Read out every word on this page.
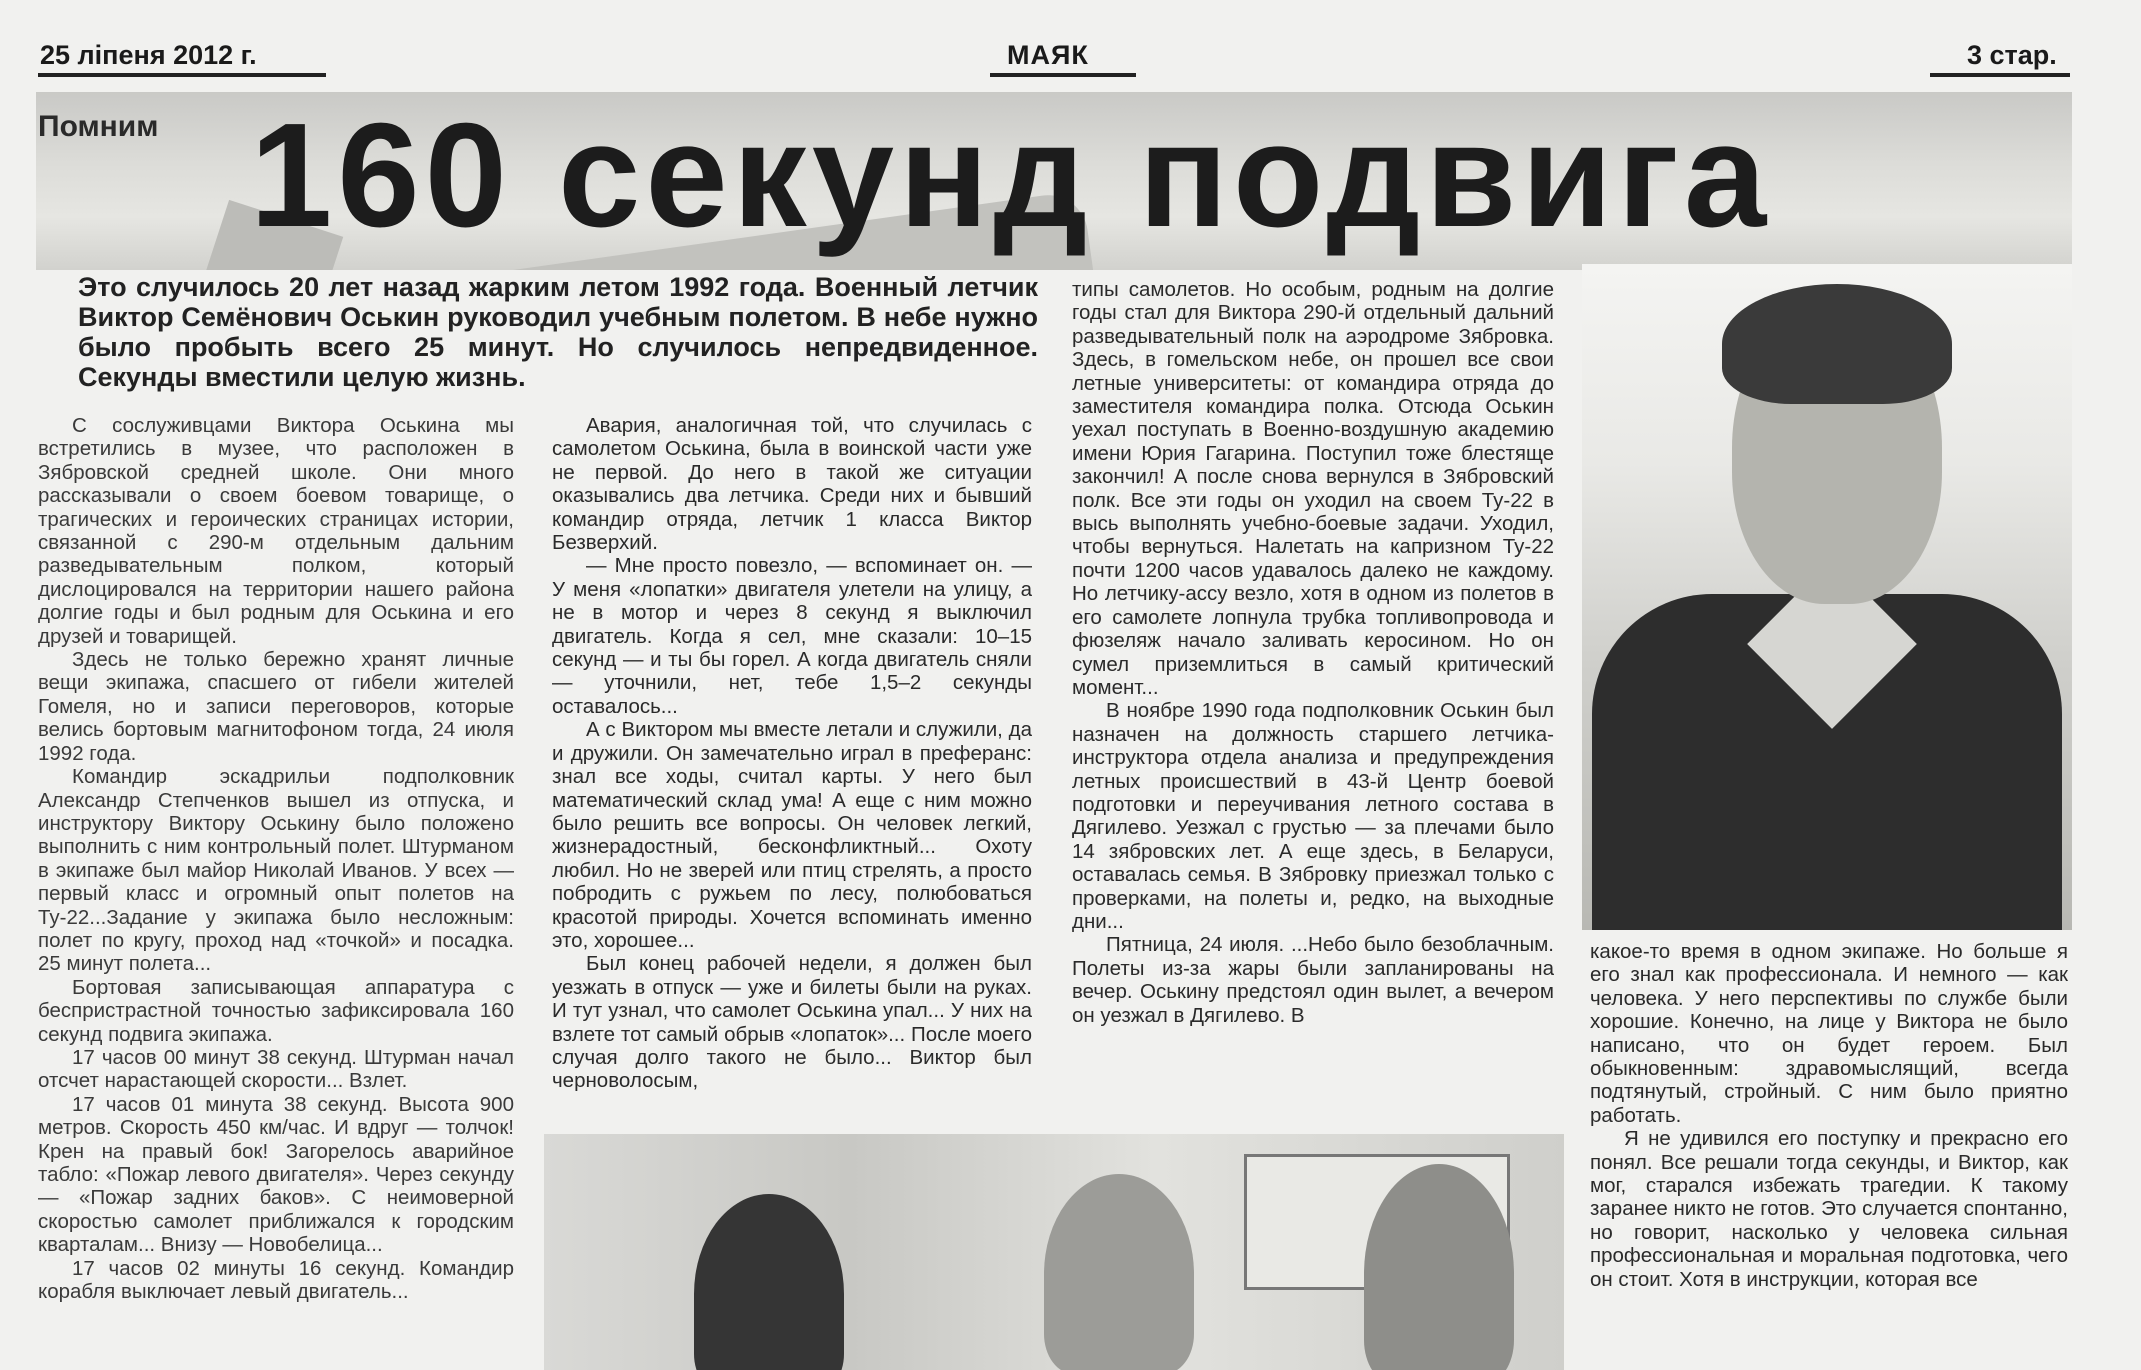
25 ліпеня 2012 г.	МАЯК	3 стар.
Помним 160 секунд подвига
Это случилось 20 лет назад жарким летом 1992 года. Военный летчик Виктор Семёнович Оськин руководил учебным полетом. В небе нужно было пробыть всего 25 минут. Но случилось непредвиденное. Секунды вместили целую жизнь.

С сослуживцами Виктора Оськина мы встретились в музее, что расположен в Зябровской средней школе. Они много рассказывали о своем боевом товарище, о трагических и героических страницах истории, связанной с 290-м отдельным дальним разведывательным полком, который дислоцировался на территории нашего района долгие годы и был родным для Оськина и его друзей и товарищей.

Здесь не только бережно хранят личные вещи экипажа, спасшего от гибели жителей Гомеля, но и записи переговоров, которые велись бортовым магнитофоном тогда, 24 июля 1992 года.

Командир эскадрильи подполковник Александр Степченков вышел из отпуска, и инструктору Виктору Оськину было положено выполнить с ним контрольный полет. Штурманом в экипаже был майор Николай Иванов. У всех — первый класс и огромный опыт полетов на Ту-22...Задание у экипажа было несложным: полет по кругу, проход над «точкой» и посадка. 25 минут полета...

Бортовая записывающая аппаратура с беспристрастной точностью зафиксировала 160 секунд подвига экипажа.

17 часов 00 минут 38 секунд. Штурман начал отсчет нарастающей скорости... Взлет.

17 часов 01 минута 38 секунд. Высота 900 метров. Скорость 450 км/час. И вдруг — толчок! Крен на правый бок! Загорелось аварийное табло: «Пожар левого двигателя». Через секунду — «Пожар задних баков». С неимоверной скоростью самолет приближался к городским кварталам... Внизу — Новобелица...

17 часов 02 минуты 16 секунд. Командир корабля выключает левый двигатель...

Авария, аналогичная той, что случилась с самолетом Оськина, была в воинской части уже не первой. До него в такой же ситуации оказывались два летчика. Среди них и бывший командир отряда, летчик 1 класса Виктор Безверхий.

— Мне просто повезло, — вспоминает он. — У меня «лопатки» двигателя улетели на улицу, а не в мотор и через 8 секунд я выключил двигатель. Когда я сел, мне сказали: 10–15 секунд — и ты бы горел. А когда двигатель сняли — уточнили, нет, тебе 1,5–2 секунды оставалось...

А с Виктором мы вместе летали и служили, да и дружили. Он замечательно играл в преферанс: знал все ходы, считал карты. У него был математический склад ума! А еще с ним можно было решить все вопросы. Он человек легкий, жизнерадостный, бесконфликтный... Охоту любил. Но не зверей или птиц стрелять, а просто побродить с ружьем по лесу, полюбоваться красотой природы. Хочется вспоминать именно это, хорошее...

Был конец рабочей недели, я должен был уезжать в отпуск — уже и билеты были на руках. И тут узнал, что самолет Оськина упал... У них на взлете тот самый обрыв «лопаток»... После моего случая долго такого не было... Виктор был черноволосым,

типы самолетов. Но особым, родным на долгие годы стал для Виктора 290-й отдельный дальний разведывательный полк на аэродроме Зябровка. Здесь, в гомельском небе, он прошел все свои летные университеты: от командира отряда до заместителя командира полка. Отсюда Оськин уехал поступать в Военно-воздушную академию имени Юрия Гагарина. Поступил тоже блестяще закончил! А после снова вернулся в Зябровский полк. Все эти годы он уходил на своем Ту-22 в высь выполнять учебно-боевые задачи. Уходил, чтобы вернуться. Налетать на капризном Ту-22 почти 1200 часов удавалось далеко не каждому. Но летчику-ассу везло, хотя в одном из полетов в его самолете лопнула трубка топливопровода и фюзеляж начало заливать керосином. Но он сумел приземлиться в самый критический момент...

В ноябре 1990 года подполковник Оськин был назначен на должность старшего летчика-инструктора отдела анализа и предупреждения летных происшествий в 43-й Центр боевой подготовки и переучивания летного состава в Дягилево. Уезжал с грустью — за плечами было 14 зябровских лет. А еще здесь, в Беларуси, оставалась семья. В Зябровку приезжал только с проверками, на полеты и, редко, на выходные дни...

Пятница, 24 июля. ...Небо было безоблачным. Полеты из-за жары были запланированы на вечер. Оськину предстоял один вылет, а вечером он уезжал в Дягилево. В

какое-то время в одном экипаже. Но больше я его знал как профессионала. И немного — как человека. У него перспективы по службе были хорошие. Конечно, на лице у Виктора не было написано, что он будет героем. Был обыкновенным: здравомыслящий, всегда подтянутый, стройный. С ним было приятно работать.

Я не удивился его поступку и прекрасно его понял. Все решали тогда секунды, и Виктор, как мог, старался избежать трагедии. К такому заранее никто не готов. Это случается спонтанно, но говорит, насколько у человека сильная профессиональная и моральная подготовка, чего он стоит. Хотя в инструкции, которая все
